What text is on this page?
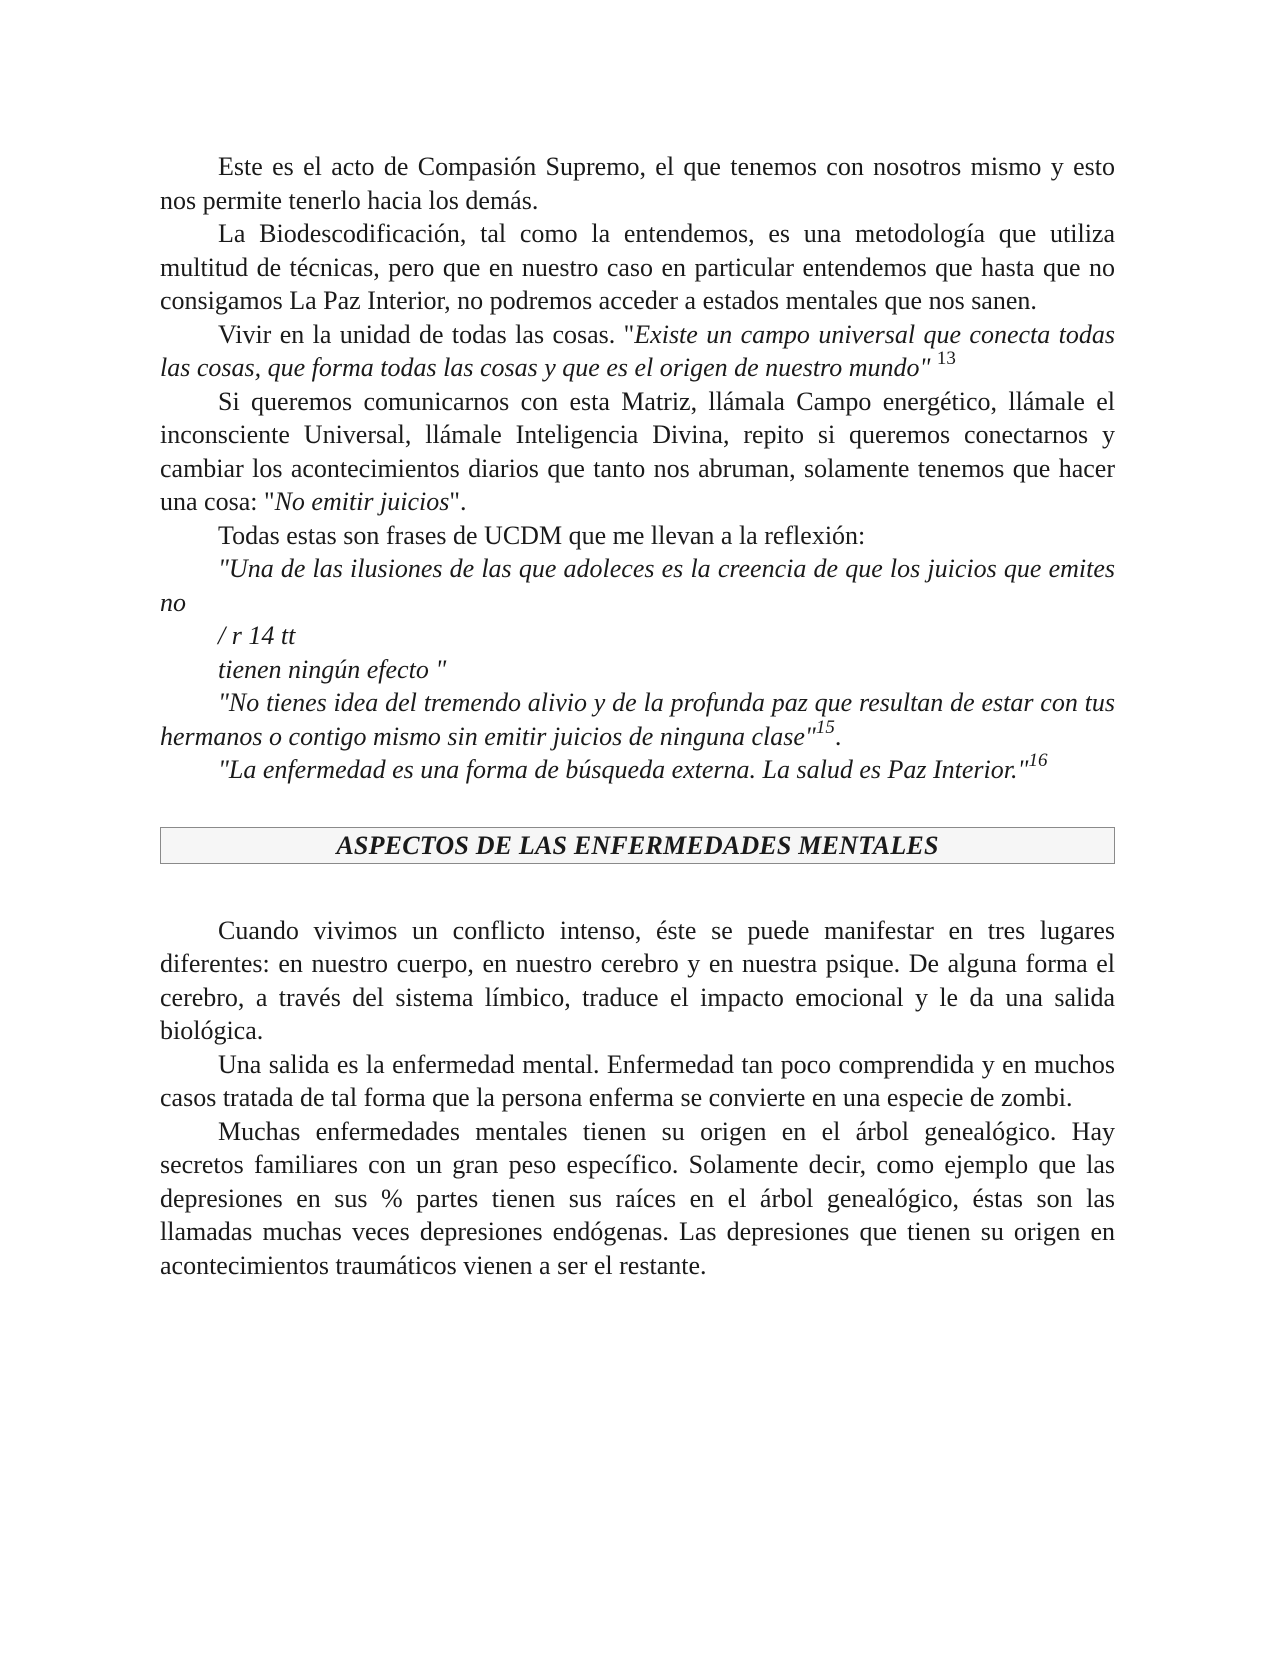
Este es el acto de Compasión Supremo, el que tenemos con nosotros mismo y esto nos permite tenerlo hacia los demás.

La Biodescodificación, tal como la entendemos, es una metodología que utiliza multitud de técnicas, pero que en nuestro caso en particular entendemos que hasta que no consigamos La Paz Interior, no podremos acceder a estados mentales que nos sanen.

Vivir en la unidad de todas las cosas. "Existe un campo universal que conecta todas las cosas, que forma todas las cosas y que es el origen de nuestro mundo" $^{13}$

Si queremos comunicarnos con esta Matriz, llámala Campo energético, llámale el inconsciente Universal, llámale Inteligencia Divina, repito si queremos conectarnos y cambiar los acontecimientos diarios que tanto nos abruman, solamente tenemos que hacer una cosa: "No emitir juicios".

Todas estas son frases de UCDM que me llevan a la reflexión:

"Una de las ilusiones de las que adoleces es la creencia de que los juicios que emites no

/ r 14 tt

tienen ningún efecto "

"No tienes idea del tremendo alivio y de la profunda paz que resultan de estar con tus hermanos o contigo mismo sin emitir juicios de ninguna clase"$^{15}$.

"La enfermedad es una forma de búsqueda externa. La salud es Paz Interior."$^{16}$

ASPECTOS DE LAS ENFERMEDADES MENTALES

Cuando vivimos un conflicto intenso, éste se puede manifestar en tres lugares diferentes: en nuestro cuerpo, en nuestro cerebro y en nuestra psique. De alguna forma el cerebro, a través del sistema límbico, traduce el impacto emocional y le da una salida biológica.

Una salida es la enfermedad mental. Enfermedad tan poco comprendida y en muchos casos tratada de tal forma que la persona enferma se convierte en una especie de zombi.

Muchas enfermedades mentales tienen su origen en el árbol genealógico. Hay secretos familiares con un gran peso específico. Solamente decir, como ejemplo que las depresiones en sus % partes tienen sus raíces en el árbol genealógico, éstas son las llamadas muchas veces depresiones endógenas. Las depresiones que tienen su origen en acontecimientos traumáticos vienen a ser el restante.
